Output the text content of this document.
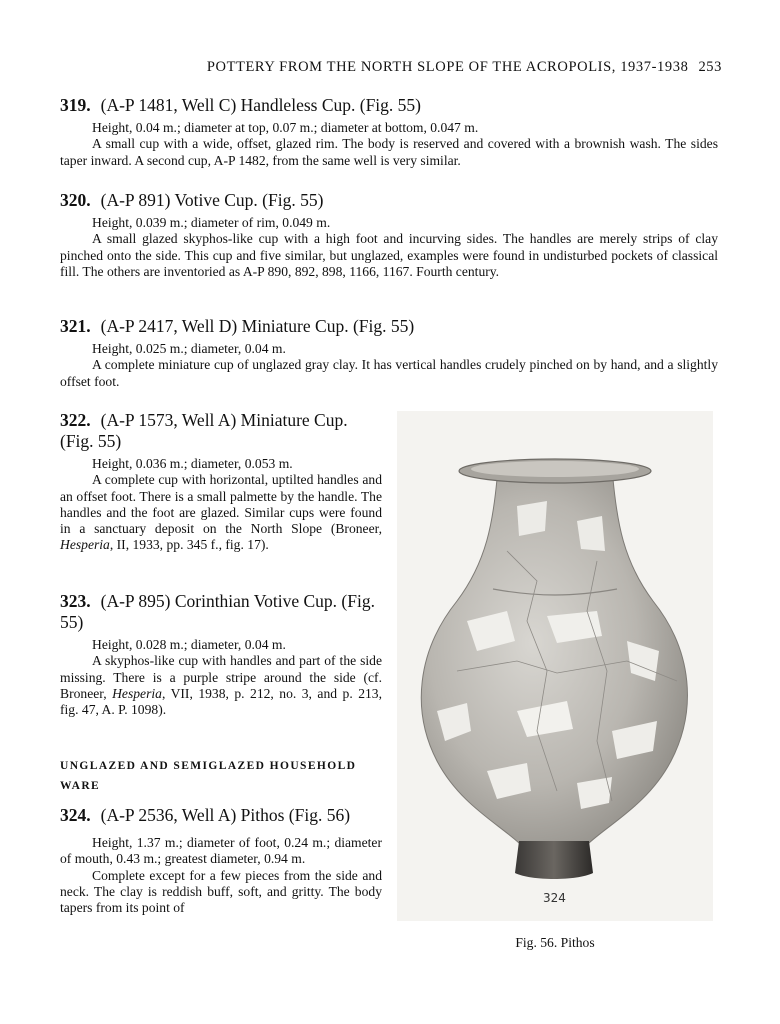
POTTERY FROM THE NORTH SLOPE OF THE ACROPOLIS, 1937-1938 253
319. (A-P 1481, Well C) Handleless Cup. (Fig. 55)

Height, 0.04 m.; diameter at top, 0.07 m.; diameter at bottom, 0.047 m.

A small cup with a wide, offset, glazed rim. The body is reserved and covered with a brownish wash. The sides taper inward. A second cup, A-P 1482, from the same well is very similar.

320. (A-P 891) Votive Cup. (Fig. 55)

Height, 0.039 m.; diameter of rim, 0.049 m.

A small glazed skyphos-like cup with a high foot and incurving sides. The handles are merely strips of clay pinched onto the side. This cup and five similar, but unglazed, examples were found in undisturbed pockets of classical fill. The others are inventoried as A-P 890, 892, 898, 1166, 1167. Fourth century.

321. (A-P 2417, Well D) Miniature Cup. (Fig. 55)

Height, 0.025 m.; diameter, 0.04 m.

A complete miniature cup of unglazed gray clay. It has vertical handles crudely pinched on by hand, and a slightly offset foot.

322. (A-P 1573, Well A) Miniature Cup. (Fig. 55)

Height, 0.036 m.; diameter, 0.053 m.

A complete cup with horizontal, uptilted handles and an offset foot. There is a small palmette by the handle. The handles and the foot are glazed. Similar cups were found in a sanctuary deposit on the North Slope (Broneer, Hesperia, II, 1933, pp. 345 f., fig. 17).

323. (A-P 895) Corinthian Votive Cup. (Fig. 55)

Height, 0.028 m.; diameter, 0.04 m.

A skyphos-like cup with handles and part of the side missing. There is a purple stripe around the side (cf. Broneer, Hesperia, VII, 1938, p. 212, no. 3, and p. 213, fig. 47, A. P. 1098).

UNGLAZED AND SEMIGLAZED HOUSEHOLD WARE
324. (A-P 2536, Well A) Pithos (Fig. 56)

Height, 1.37 m.; diameter of foot, 0.24 m.; diameter of mouth, 0.43 m.; greatest diameter, 0.94 m.

Complete except for a few pieces from the side and neck. The clay is reddish buff, soft, and gritty. The body tapers from its point of

324
Fig. 56. Pithos
